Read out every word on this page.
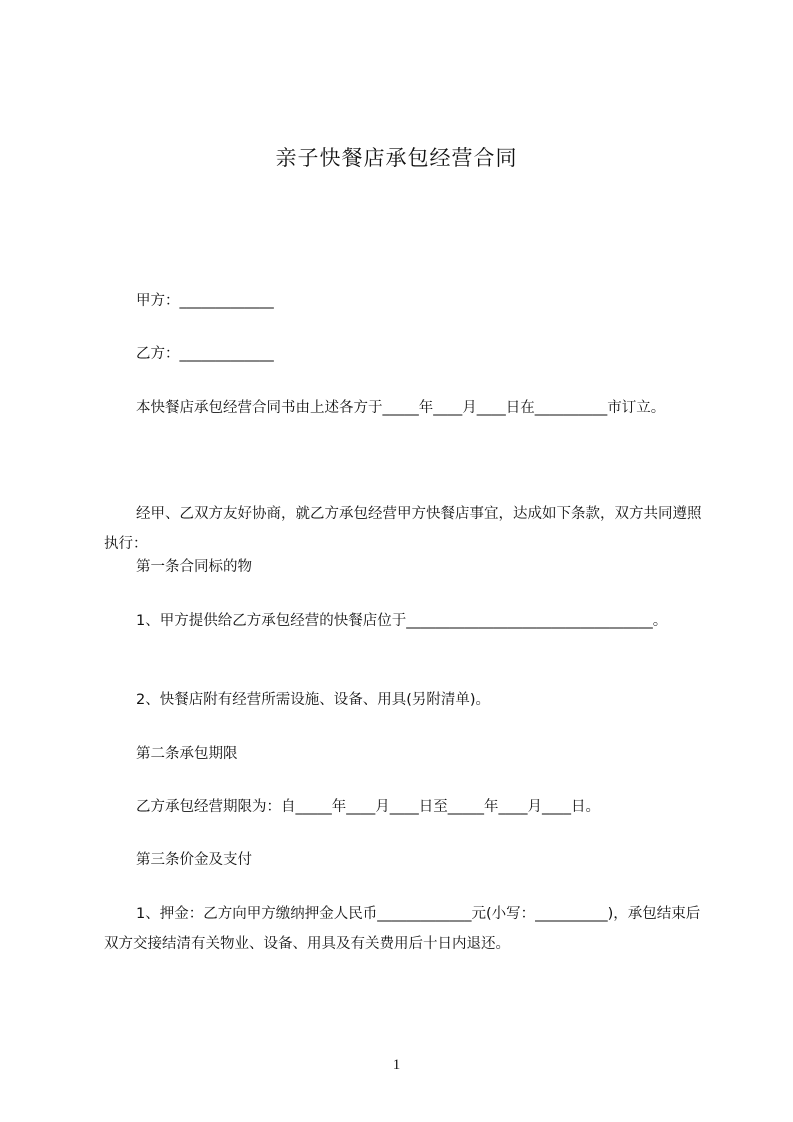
亲子快餐店承包经营合同
甲方：_____________
乙方：_____________
本快餐店承包经营合同书由上述各方于_____年____月____日在__________市订立。
经甲、乙双方友好协商，就乙方承包经营甲方快餐店事宜，达成如下条款，双方共同遵照执行：
第一条合同标的物
1、甲方提供给乙方承包经营的快餐店位于__________________________________。
2、快餐店附有经营所需设施、设备、用具(另附清单)。
第二条承包期限
乙方承包经营期限为：自_____年____月____日至_____年____月____日。
第三条价金及支付
1、押金：乙方向甲方缴纳押金人民币_____________元(小写：__________)，承包结束后双方交接结清有关物业、设备、用具及有关费用后十日内退还。
1
